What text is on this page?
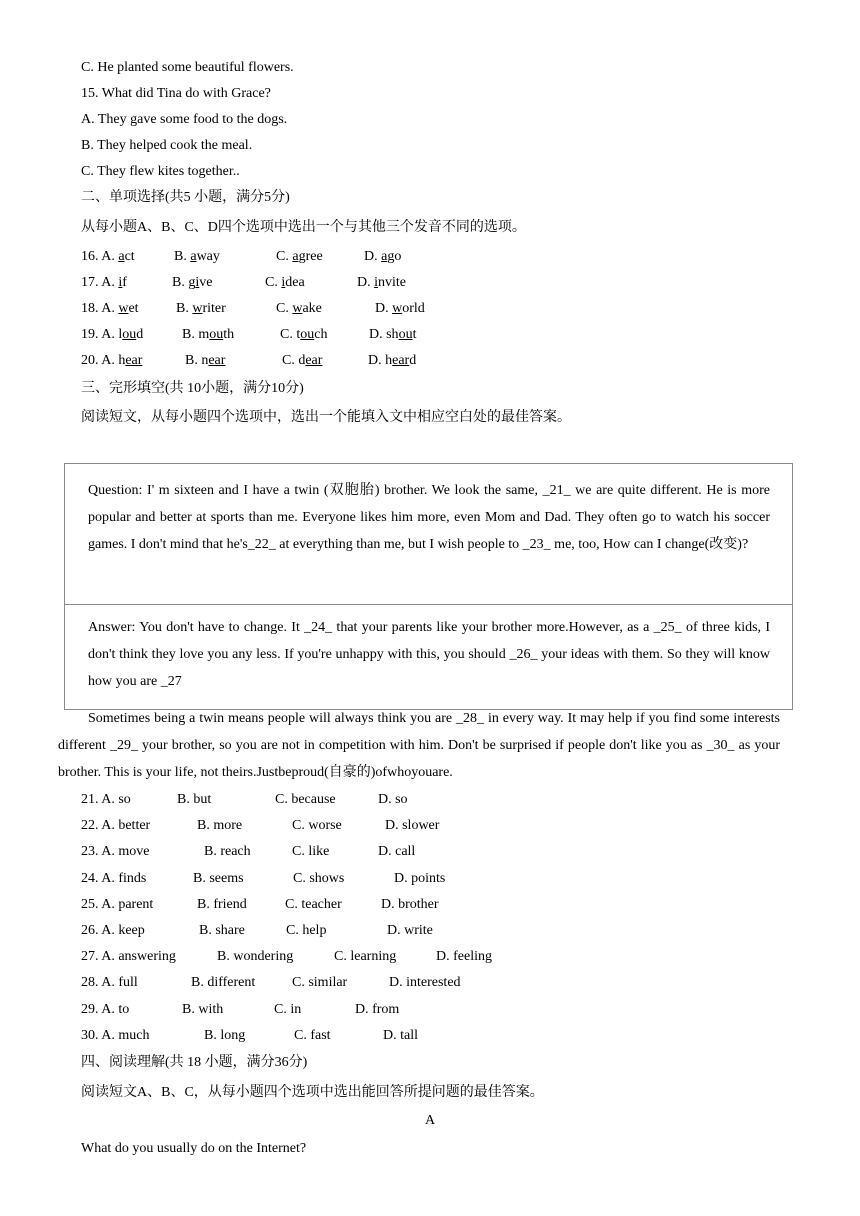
C. He planted some beautiful flowers.
15. What did Tina do with Grace?
A. They gave some food to the dogs.
B. They helped cook the meal.
C. They flew kites together..
二、单项选择(共5 小题，满分5分)
从每小题A、B、C、D四个选项中选出一个与其他三个发音不同的选项。
16. A. act	B. away	C. agree	D. ago
17. A. if	B. give	C. idea	D. invite
18. A. wet	B. writer	C. wake	D. world
19. A. loud	B. mouth	C. touch	D. shout
20. A. hear	B. near	C. dear	D. heard
三、完形填空(共 10小题，满分10分)
阅读短文，从每小题四个选项中，选出一个能填入文中相应空白处的最佳答案。

Question: I' m sixteen and I have a twin (双胞胎) brother. We look the same, _21_ we are quite different. He is more popular and better at sports than me. Everyone likes him more, even Mom and Dad. They often go to watch his soccer games. I don't mind that he's_22_ at everything than me, but I wish people to _23_ me, too, How can I change(改变)?

Answer: You don't have to change. It _24_ that your parents like your brother more.However, as a _25_ of three kids, I don't think they love you any less. If you're unhappy with this, you should _26_ your ideas with them. So they will know how you are _27

Sometimes being a twin means people will always think you are _28_ in every way. It may help if you find some interests different _29_ your brother, so you are not in competition with him. Don't be surprised if people don't like you as _30_ as your brother. This is your life, not theirs.Justbeproud(自豪的)ofwhoyouare.
21. A. so	B. but	C. because	D. so
22. A. better	B. more	C. worse	D. slower
23. A. move	B. reach	C. like	D. call
24. A. finds	B. seems	C. shows	D. points
25. A. parent	B. friend	C. teacher	D. brother
26. A. keep	B. share	C. help	D. write
27. A. answering	B. wondering	C. learning	D. feeling
28. A. full	B. different	C. similar	D. interested
29. A. to	B. with	C. in	D. from
30. A. much	B. long	C. fast	D. tall
四、阅读理解(共 18 小题，满分36分)
阅读短文A、B、C，从每小题四个选项中选出能回答所提问题的最佳答案。
A
What do you usually do on the Internet?
